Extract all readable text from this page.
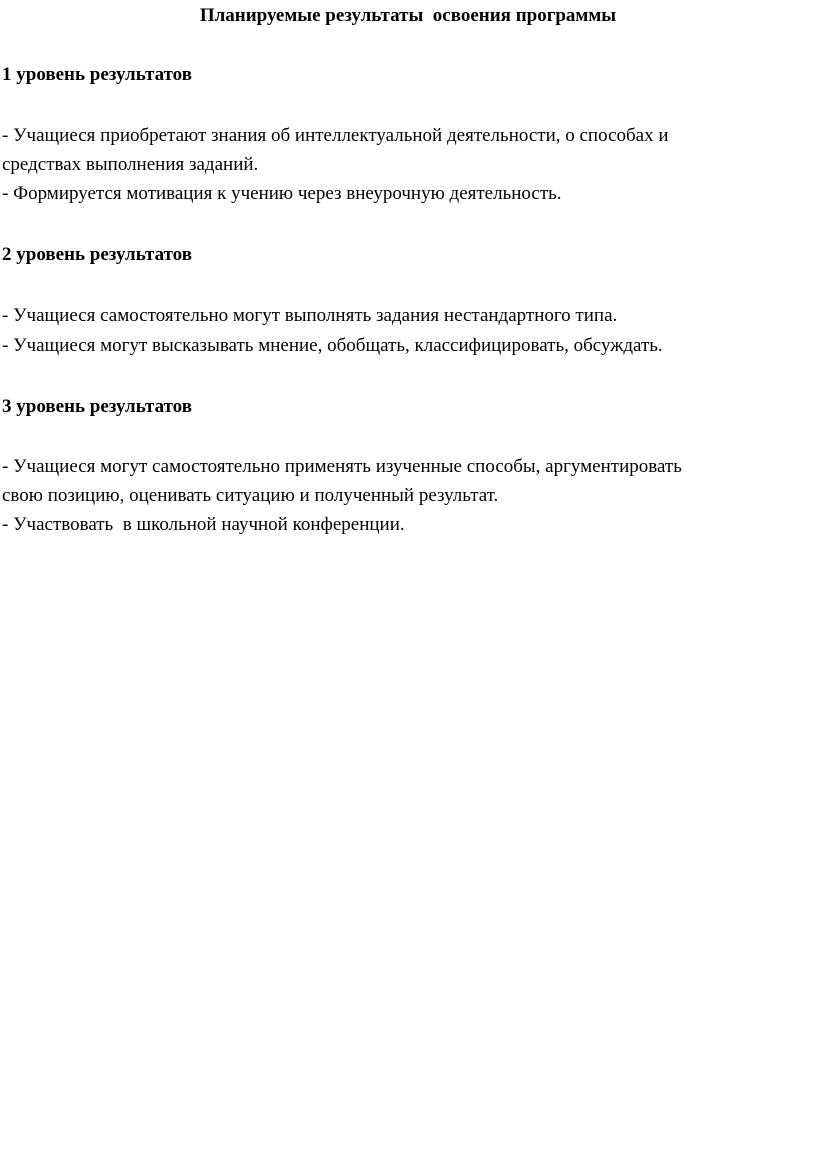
Планируемые результаты  освоения программы
1 уровень результатов
- Учащиеся приобретают знания об интеллектуальной деятельности, о способах и
средствах выполнения заданий.
- Формируется мотивация к учению через внеурочную деятельность.
2 уровень результатов
- Учащиеся самостоятельно могут выполнять задания нестандартного типа.
- Учащиеся могут высказывать мнение, обобщать, классифицировать, обсуждать.
3 уровень результатов
- Учащиеся могут самостоятельно применять изученные способы, аргументировать
свою позицию, оценивать ситуацию и полученный результат.
- Участвовать  в школьной научной конференции.
